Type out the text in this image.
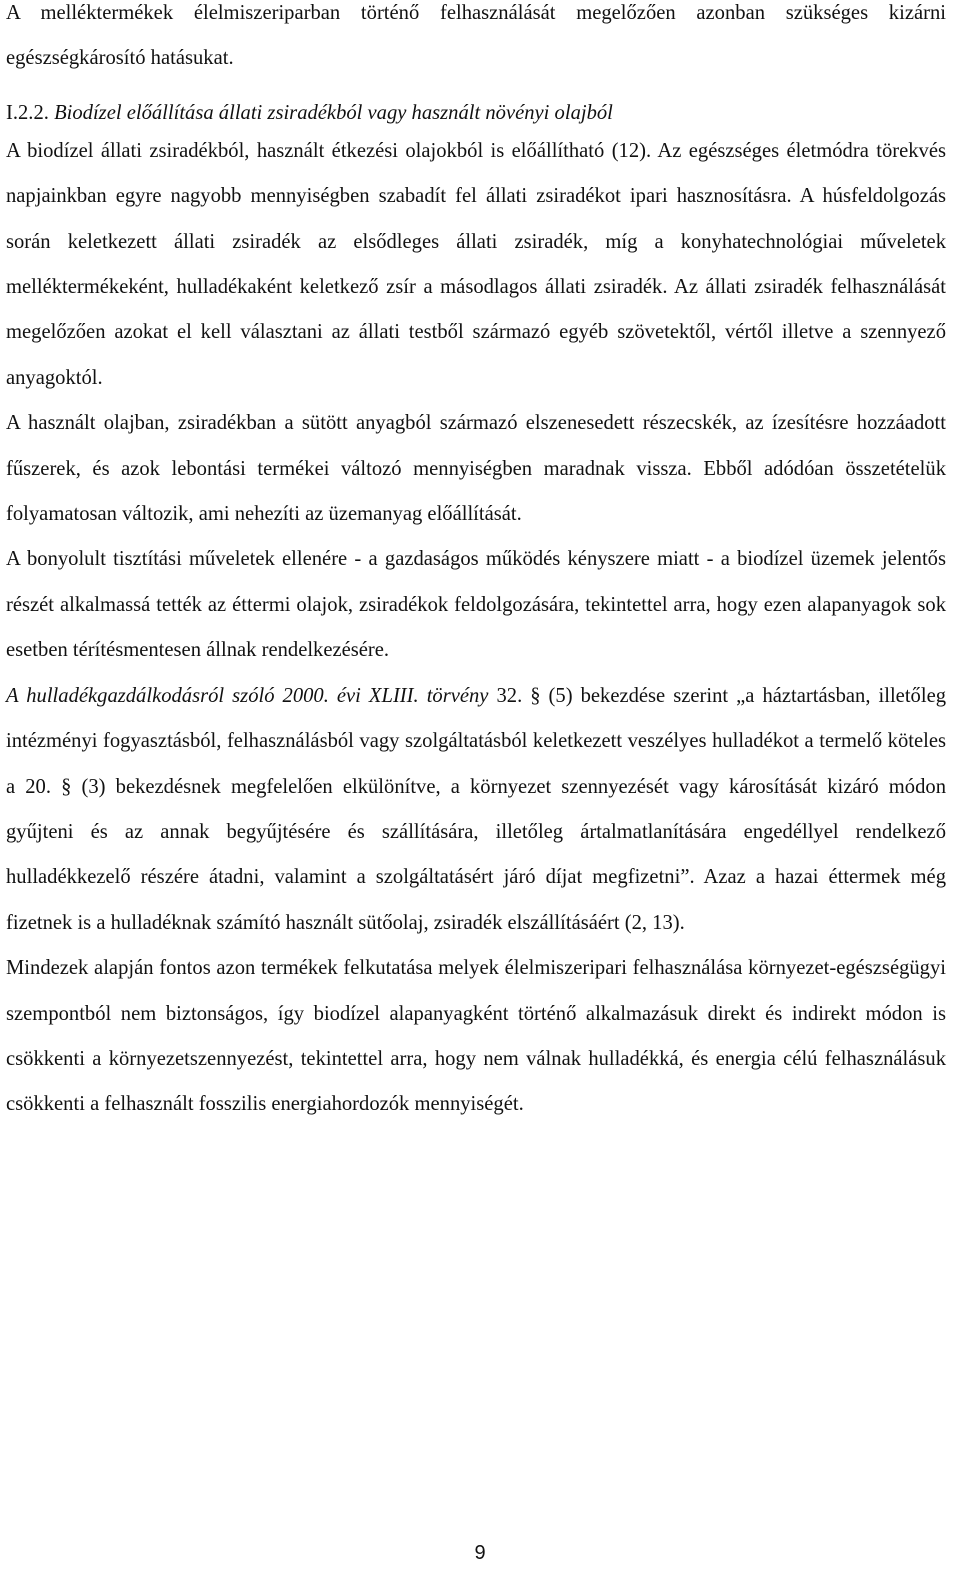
A melléktermékek élelmiszeriparban történő felhasználását megelőzően azonban szükséges kizárni egészségkárosító hatásukat.

I.2.2. Biodízel előállítása állati zsiradékból vagy használt növényi olajból

A biodízel állati zsiradékból, használt étkezési olajokból is előállítható (12). Az egészséges életmódra törekvés napjainkban egyre nagyobb mennyiségben szabadít fel állati zsiradékot ipari hasznosításra. A húsfeldolgozás során keletkezett állati zsiradék az elsődleges állati zsiradék, míg a konyhatechnológiai műveletek melléktermékeként, hulladékaként keletkező zsír a másodlagos állati zsiradék. Az állati zsiradék felhasználását megelőzően azokat el kell választani az állati testből származó egyéb szövetektől, vértől illetve a szennyező anyagoktól.

A használt olajban, zsiradékban a sütött anyagból származó elszenesedett részecskék, az ízesítésre hozzáadott fűszerek, és azok lebontási termékei változó mennyiségben maradnak vissza. Ebből adódóan összetételük folyamatosan változik, ami nehezíti az üzemanyag előállítását.

A bonyolult tisztítási műveletek ellenére - a gazdaságos működés kényszere miatt - a biodízel üzemek jelentős részét alkalmassá tették az éttermi olajok, zsiradékok feldolgozására, tekintettel arra, hogy ezen alapanyagok sok esetben térítésmentesen állnak rendelkezésére.

A hulladékgazdálkodásról szóló 2000. évi XLIII. törvény 32. § (5) bekezdése szerint „a háztartásban, illetőleg intézményi fogyasztásból, felhasználásból vagy szolgáltatásból keletkezett veszélyes hulladékot a termelő köteles a 20. § (3) bekezdésnek megfelelően elkülönítve, a környezet szennyezését vagy károsítását kizáró módon gyűjteni és az annak begyűjtésére és szállítására, illetőleg ártalmatlanítására engedéllyel rendelkező hulladékkezelő részére átadni, valamint a szolgáltatásért járó díjat megfizetni”. Azaz a hazai éttermek még fizetnek is a hulladéknak számító használt sütőolaj, zsiradék elszállításáért (2, 13).

Mindezek alapján fontos azon termékek felkutatása melyek élelmiszeripari felhasználása környezet-egészségügyi szempontból nem biztonságos, így biodízel alapanyagként történő alkalmazásuk direkt és indirekt módon is csökkenti a környezetszennyezést, tekintettel arra, hogy nem válnak hulladékká, és energia célú felhasználásuk csökkenti a felhasznált fosszilis energiahordozók mennyiségét.

9
